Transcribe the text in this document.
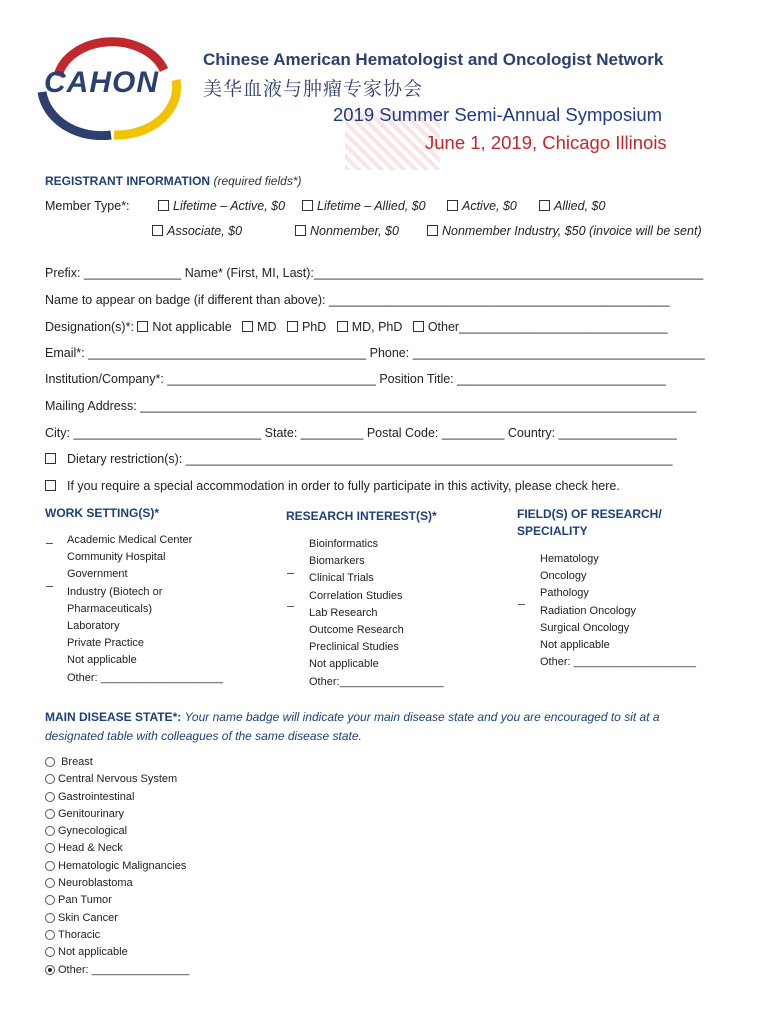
CAHON
Chinese American Hematologist and Oncologist Network
美华血液与肿瘤专家协会
2019 Summer Semi-Annual Symposium
June 1, 2019, Chicago Illinois
REGISTRANT INFORMATION (required fields*)
Member Type*:	Lifetime – Active, $0	Lifetime – Allied, $0	Active, $0	Allied, $0
Associate, $0	Nonmember, $0	Nonmember Industry, $50 (invoice will be sent)
Prefix: ______________ Name* (First, MI, Last):________________________________________________________
Name to appear on badge (if different than above): _________________________________________________
Designation(s)*: Not applicable MD PhD MD, PhD Other______________________________
Email*: ________________________________________ Phone: __________________________________________
Institution/Company*: ______________________________ Position Title: ______________________________
Mailing Address: ________________________________________________________________________________
City: ___________________________ State: _________ Postal Code: _________ Country: _________________
Dietary restriction(s): ______________________________________________________________________
If you require a special accommodation in order to fully participate in this activity, please check here.
WORK SETTING(S)*
Academic Medical Center
Community Hospital
Government
Industry (Biotech or
Pharmaceuticals)
Laboratory
Private Practice
Not applicable
Other: ____________________
RESEARCH INTEREST(S)*
Bioinformatics
Biomarkers
Clinical Trials
Correlation Studies
Lab Research
Outcome Research
Preclinical Studies
Not applicable
Other:_________________
FIELD(S) OF RESEARCH/
SPECIALITY
Hematology
Oncology
Pathology
Radiation Oncology
Surgical Oncology
Not applicable
Other: ____________________
MAIN DISEASE STATE*: Your name badge will indicate your main disease state and you are encouraged to sit at a
designated table with colleagues of the same disease state.
Breast
Central Nervous System
Gastrointestinal
Genitourinary
Gynecological
Head & Neck
Hematologic Malignancies
Neuroblastoma
Pan Tumor
Skin Cancer
Thoracic
Not applicable
Other: ________________
